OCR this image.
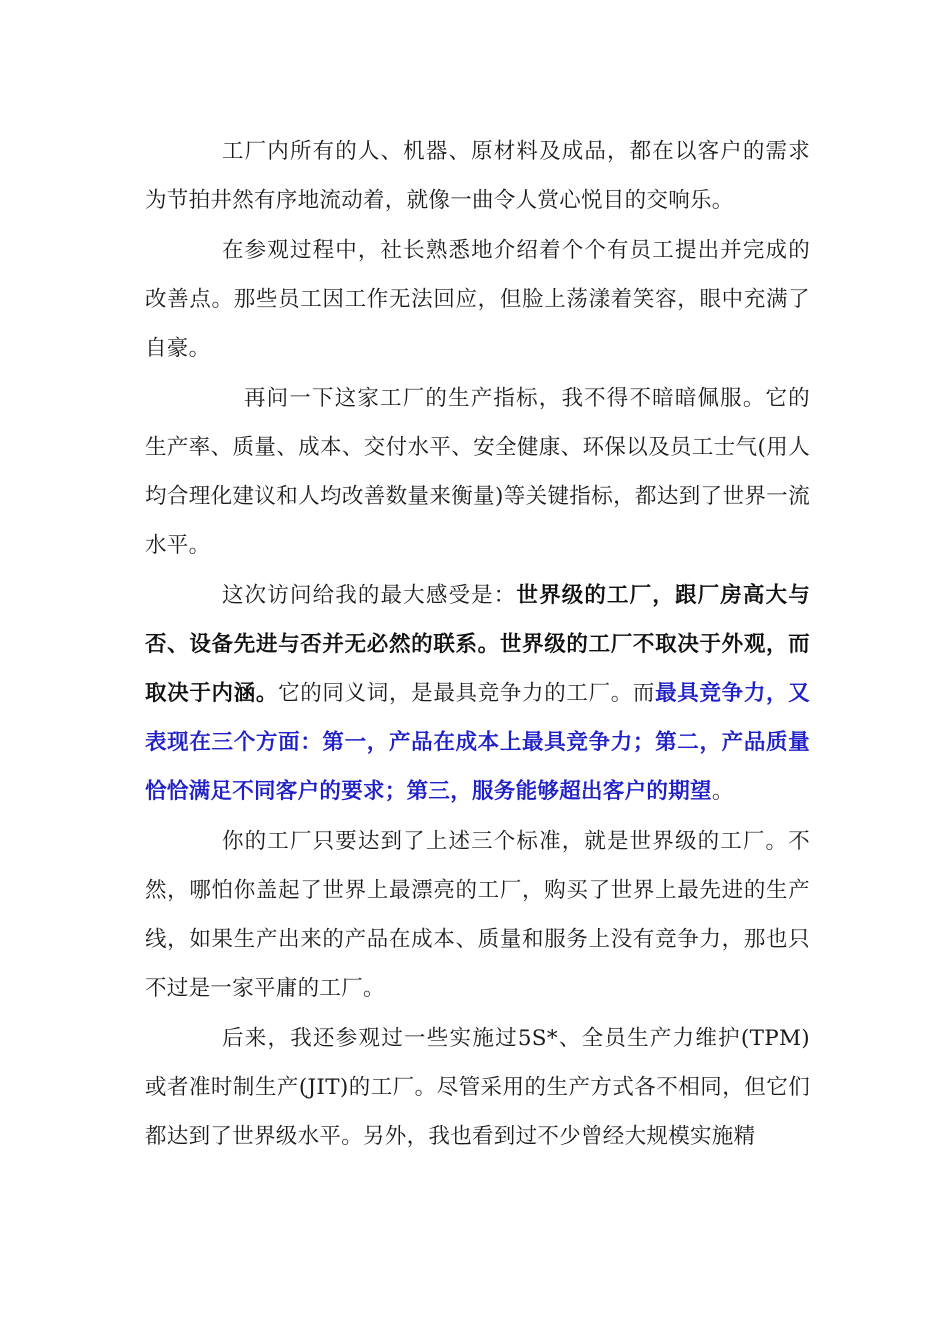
工厂内所有的人、机器、原材料及成品，都在以客户的需求为节拍井然有序地流动着，就像一曲令人赏心悦目的交响乐。

在参观过程中，社长熟悉地介绍着个个有员工提出并完成的改善点。那些员工因工作无法回应，但脸上荡漾着笑容，眼中充满了自豪。

再问一下这家工厂的生产指标，我不得不暗暗佩服。它的生产率、质量、成本、交付水平、安全健康、环保以及员工士气(用人均合理化建议和人均改善数量来衡量)等关键指标，都达到了世界一流水平。

这次访问给我的最大感受是：世界级的工厂，跟厂房高大与否、设备先进与否并无必然的联系。世界级的工厂不取决于外观，而取决于内涵。它的同义词，是最具竞争力的工厂。而最具竞争力，又表现在三个方面：第一，产品在成本上最具竞争力；第二，产品质量恰恰满足不同客户的要求；第三，服务能够超出客户的期望。

你的工厂只要达到了上述三个标准，就是世界级的工厂。不然，哪怕你盖起了世界上最漂亮的工厂，购买了世界上最先进的生产线，如果生产出来的产品在成本、质量和服务上没有竞争力，那也只不过是一家平庸的工厂。

后来，我还参观过一些实施过5S*、全员生产力维护(TPM)或者准时制生产(JIT)的工厂。尽管采用的生产方式各不相同，但它们都达到了世界级水平。另外，我也看到过不少曾经大规模实施精
